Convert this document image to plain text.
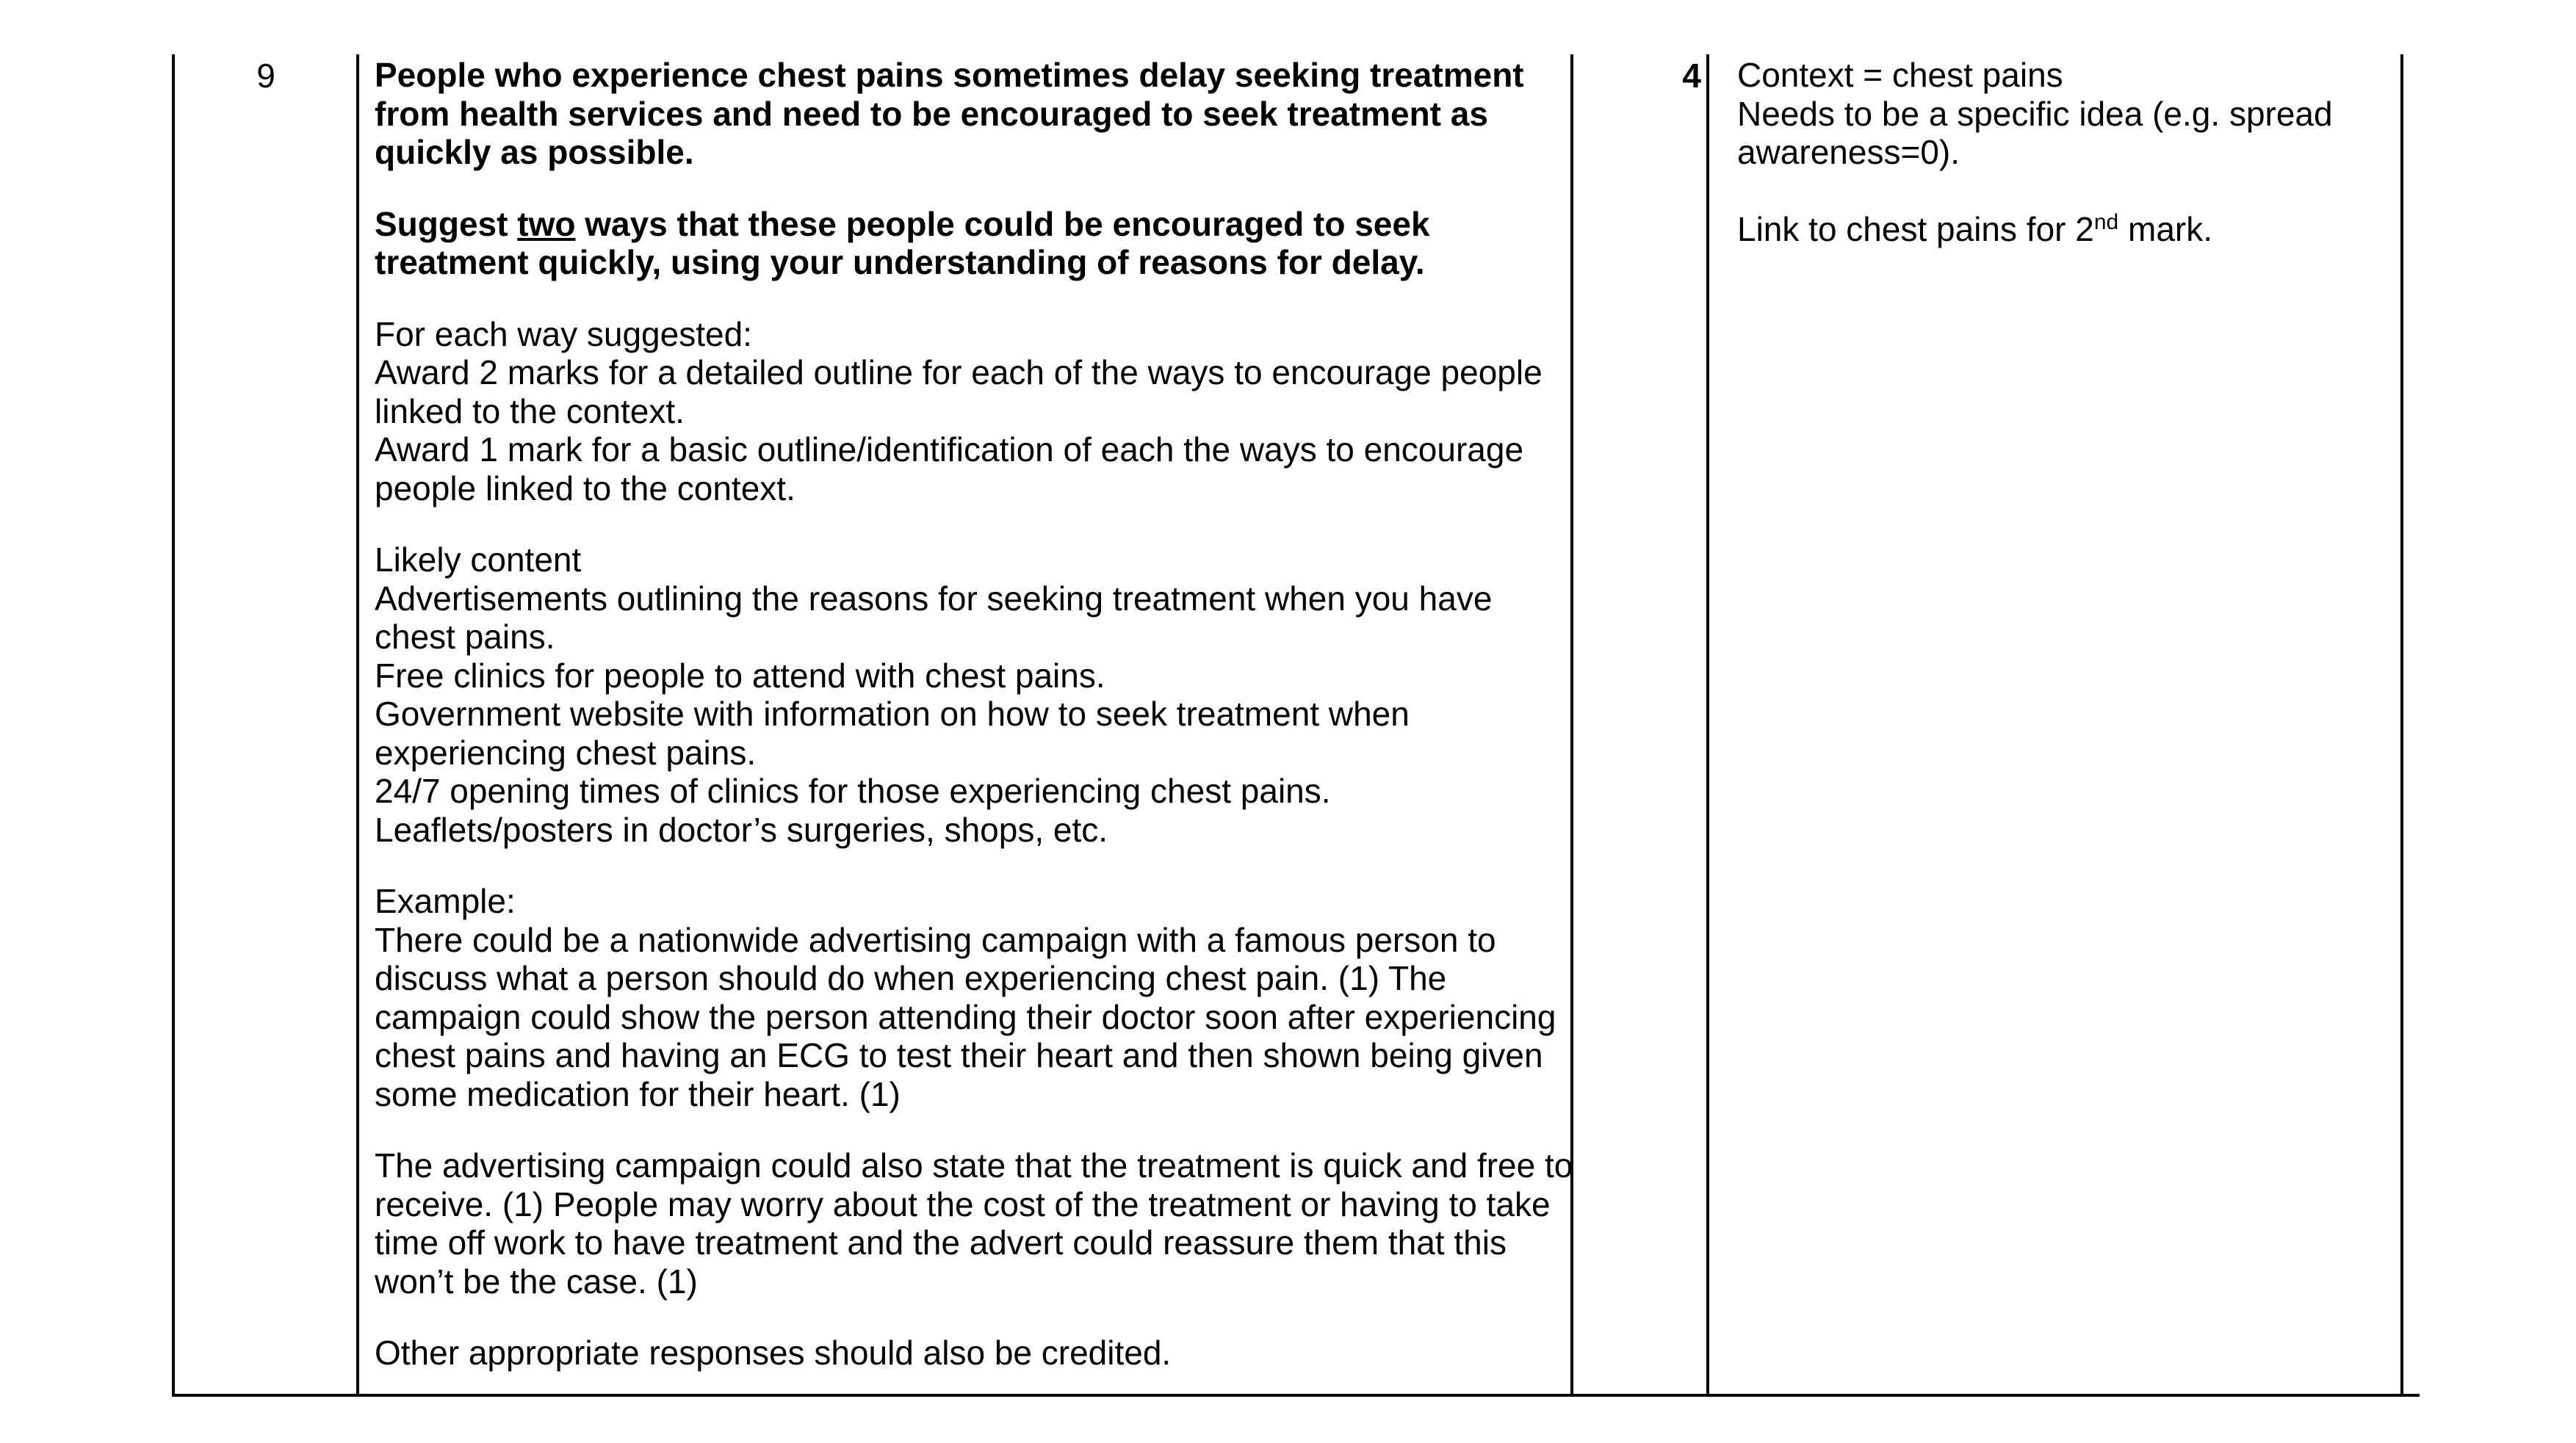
9	People who experience chest pains sometimes delay seeking treatment from health services and need to be encouraged to seek treatment as quickly as possible.

Suggest two ways that these people could be encouraged to seek treatment quickly, using your understanding of reasons for delay.

For each way suggested:
Award 2 marks for a detailed outline for each of the ways to encourage people linked to the context.
Award 1 mark for a basic outline/identification of each the ways to encourage people linked to the context.

Likely content
Advertisements outlining the reasons for seeking treatment when you have chest pains.
Free clinics for people to attend with chest pains.
Government website with information on how to seek treatment when experiencing chest pains.
24/7 opening times of clinics for those experiencing chest pains.
Leaflets/posters in doctor’s surgeries, shops, etc.

Example:
There could be a nationwide advertising campaign with a famous person to discuss what a person should do when experiencing chest pain. (1) The campaign could show the person attending their doctor soon after experiencing chest pains and having an ECG to test their heart and then shown being given some medication for their heart. (1)

The advertising campaign could also state that the treatment is quick and free to receive. (1) People may worry about the cost of the treatment or having to take time off work to have treatment and the advert could reassure them that this won’t be the case. (1)

Other appropriate responses should also be credited.

4 Context = chest pains

Needs to be a specific idea (e.g. spread awareness=0).

Link to chest pains for 2nd mark.
